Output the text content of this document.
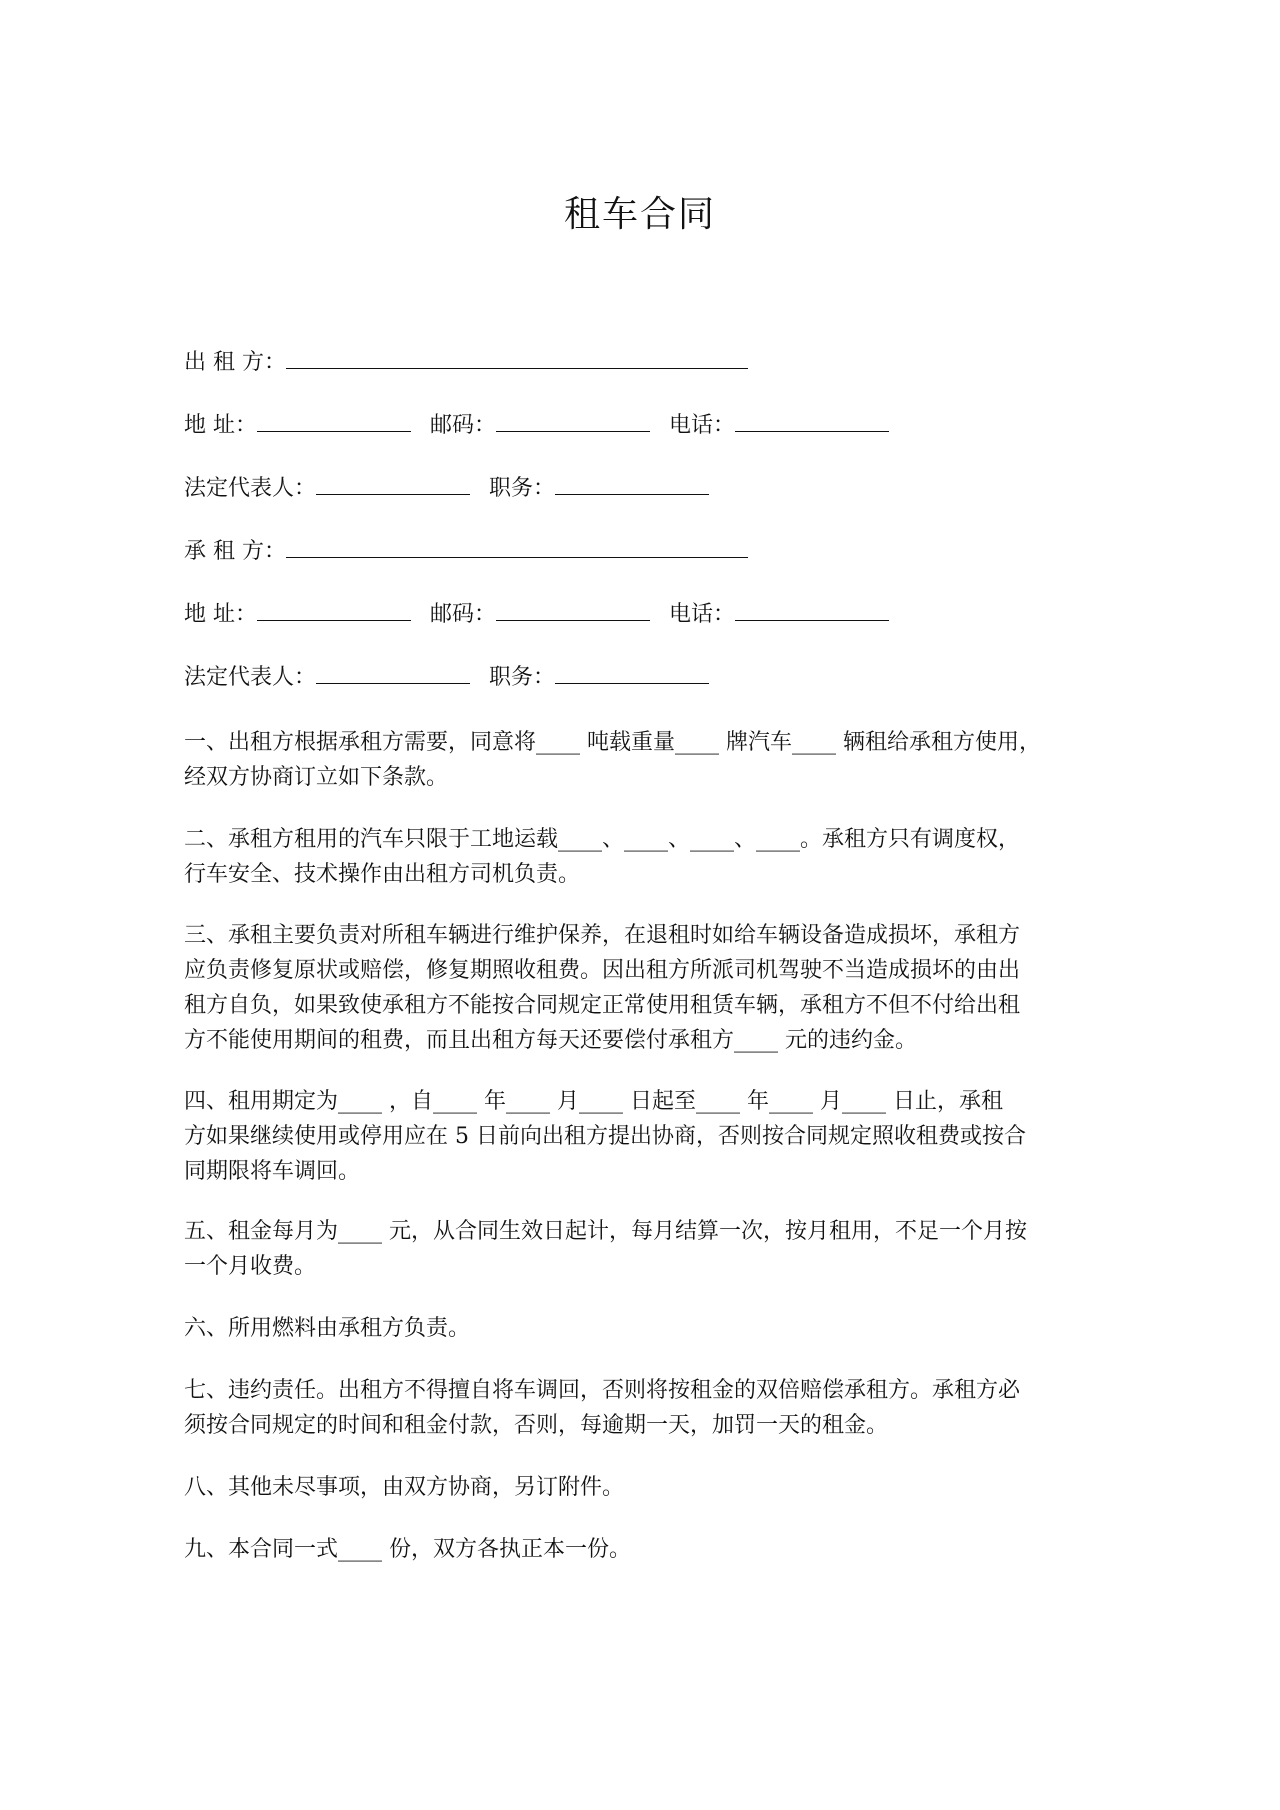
租车合同
出 租 方：
地 址：	邮码：	电话：
法定代表人：	职务：
承 租 方：
地 址：	邮码：	电话：
法定代表人：	职务：
一、出租方根据承租方需要，同意将____ 吨载重量____ 牌汽车____ 辆租给承租方使用，
经双方协商订立如下条款。
二、承租方租用的汽车只限于工地运载____、____、____、____。承租方只有调度权，
行车安全、技术操作由出租方司机负责。
三、承租主要负责对所租车辆进行维护保养，在退租时如给车辆设备造成损坏，承租方
应负责修复原状或赔偿，修复期照收租费。因出租方所派司机驾驶不当造成损坏的由出
租方自负，如果致使承租方不能按合同规定正常使用租赁车辆，承租方不但不付给出租
方不能使用期间的租费，而且出租方每天还要偿付承租方____ 元的违约金。
四、租用期定为____ ，自____ 年____ 月____ 日起至____ 年____ 月____ 日止，承租
方如果继续使用或停用应在 5 日前向出租方提出协商，否则按合同规定照收租费或按合
同期限将车调回。
五、租金每月为____ 元，从合同生效日起计，每月结算一次，按月租用，不足一个月按
一个月收费。
六、所用燃料由承租方负责。
七、违约责任。出租方不得擅自将车调回，否则将按租金的双倍赔偿承租方。承租方必
须按合同规定的时间和租金付款，否则，每逾期一天，加罚一天的租金。
八、其他未尽事项，由双方协商，另订附件。
九、本合同一式____ 份，双方各执正本一份。
